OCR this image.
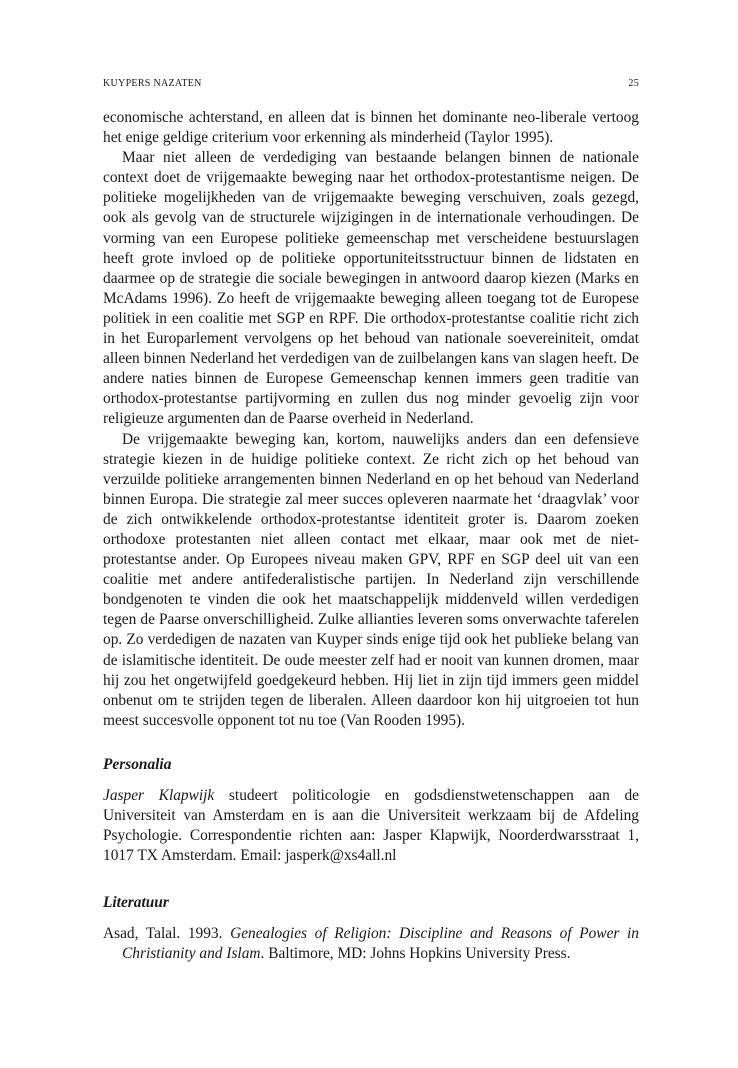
KUYPERS NAZATEN	25

economische achterstand, en alleen dat is binnen het dominante neo-liberale vertoog het enige geldige criterium voor erkenning als minderheid (Taylor 1995).

Maar niet alleen de verdediging van bestaande belangen binnen de nationale context doet de vrijgemaakte beweging naar het orthodox-protestantisme neigen. De politieke mogelijkheden van de vrijgemaakte beweging verschuiven, zoals gezegd, ook als gevolg van de structurele wijzigingen in de internationale verhoudingen. De vorming van een Europese politieke gemeenschap met verscheidene bestuurslagen heeft grote invloed op de politieke opportuniteitsstructuur binnen de lidstaten en daarmee op de strategie die sociale bewegingen in antwoord daarop kiezen (Marks en McAdams 1996). Zo heeft de vrijgemaakte beweging alleen toegang tot de Europese politiek in een coalitie met SGP en RPF. Die orthodox-protestantse coalitie richt zich in het Europarlement vervolgens op het behoud van nationale soevereiniteit, omdat alleen binnen Nederland het verdedigen van de zuilbelangen kans van slagen heeft. De andere naties binnen de Europese Gemeenschap kennen immers geen traditie van orthodox-protestantse partijvorming en zullen dus nog minder gevoelig zijn voor religieuze argumenten dan de Paarse overheid in Nederland.

De vrijgemaakte beweging kan, kortom, nauwelijks anders dan een defensieve strategie kiezen in de huidige politieke context. Ze richt zich op het behoud van verzuilde politieke arrangementen binnen Nederland en op het behoud van Nederland binnen Europa. Die strategie zal meer succes opleveren naarmate het ‘draagvlak’ voor de zich ontwikkelende orthodox-protestantse identiteit groter is. Daarom zoeken orthodoxe protestanten niet alleen contact met elkaar, maar ook met de niet-protestantse ander. Op Europees niveau maken GPV, RPF en SGP deel uit van een coalitie met andere antifederalistische partijen. In Nederland zijn verschillende bondgenoten te vinden die ook het maatschappelijk middenveld willen verdedigen tegen de Paarse onverschilligheid. Zulke allianties leveren soms onverwachte taferelen op. Zo verdedigen de nazaten van Kuyper sinds enige tijd ook het publieke belang van de islamitische identiteit. De oude meester zelf had er nooit van kunnen dromen, maar hij zou het ongetwijfeld goedgekeurd hebben. Hij liet in zijn tijd immers geen middel onbenut om te strijden tegen de liberalen. Alleen daardoor kon hij uitgroeien tot hun meest succesvolle opponent tot nu toe (Van Rooden 1995).

Personalia

Jasper Klapwijk studeert politicologie en godsdienstwetenschappen aan de Universiteit van Amsterdam en is aan die Universiteit werkzaam bij de Afdeling Psychologie. Correspondentie richten aan: Jasper Klapwijk, Noorderdwarsstraat 1, 1017 TX Amsterdam. Email: jasperk@xs4all.nl

Literatuur

Asad, Talal. 1993. Genealogies of Religion: Discipline and Reasons of Power in Christianity and Islam. Baltimore, MD: Johns Hopkins University Press.
